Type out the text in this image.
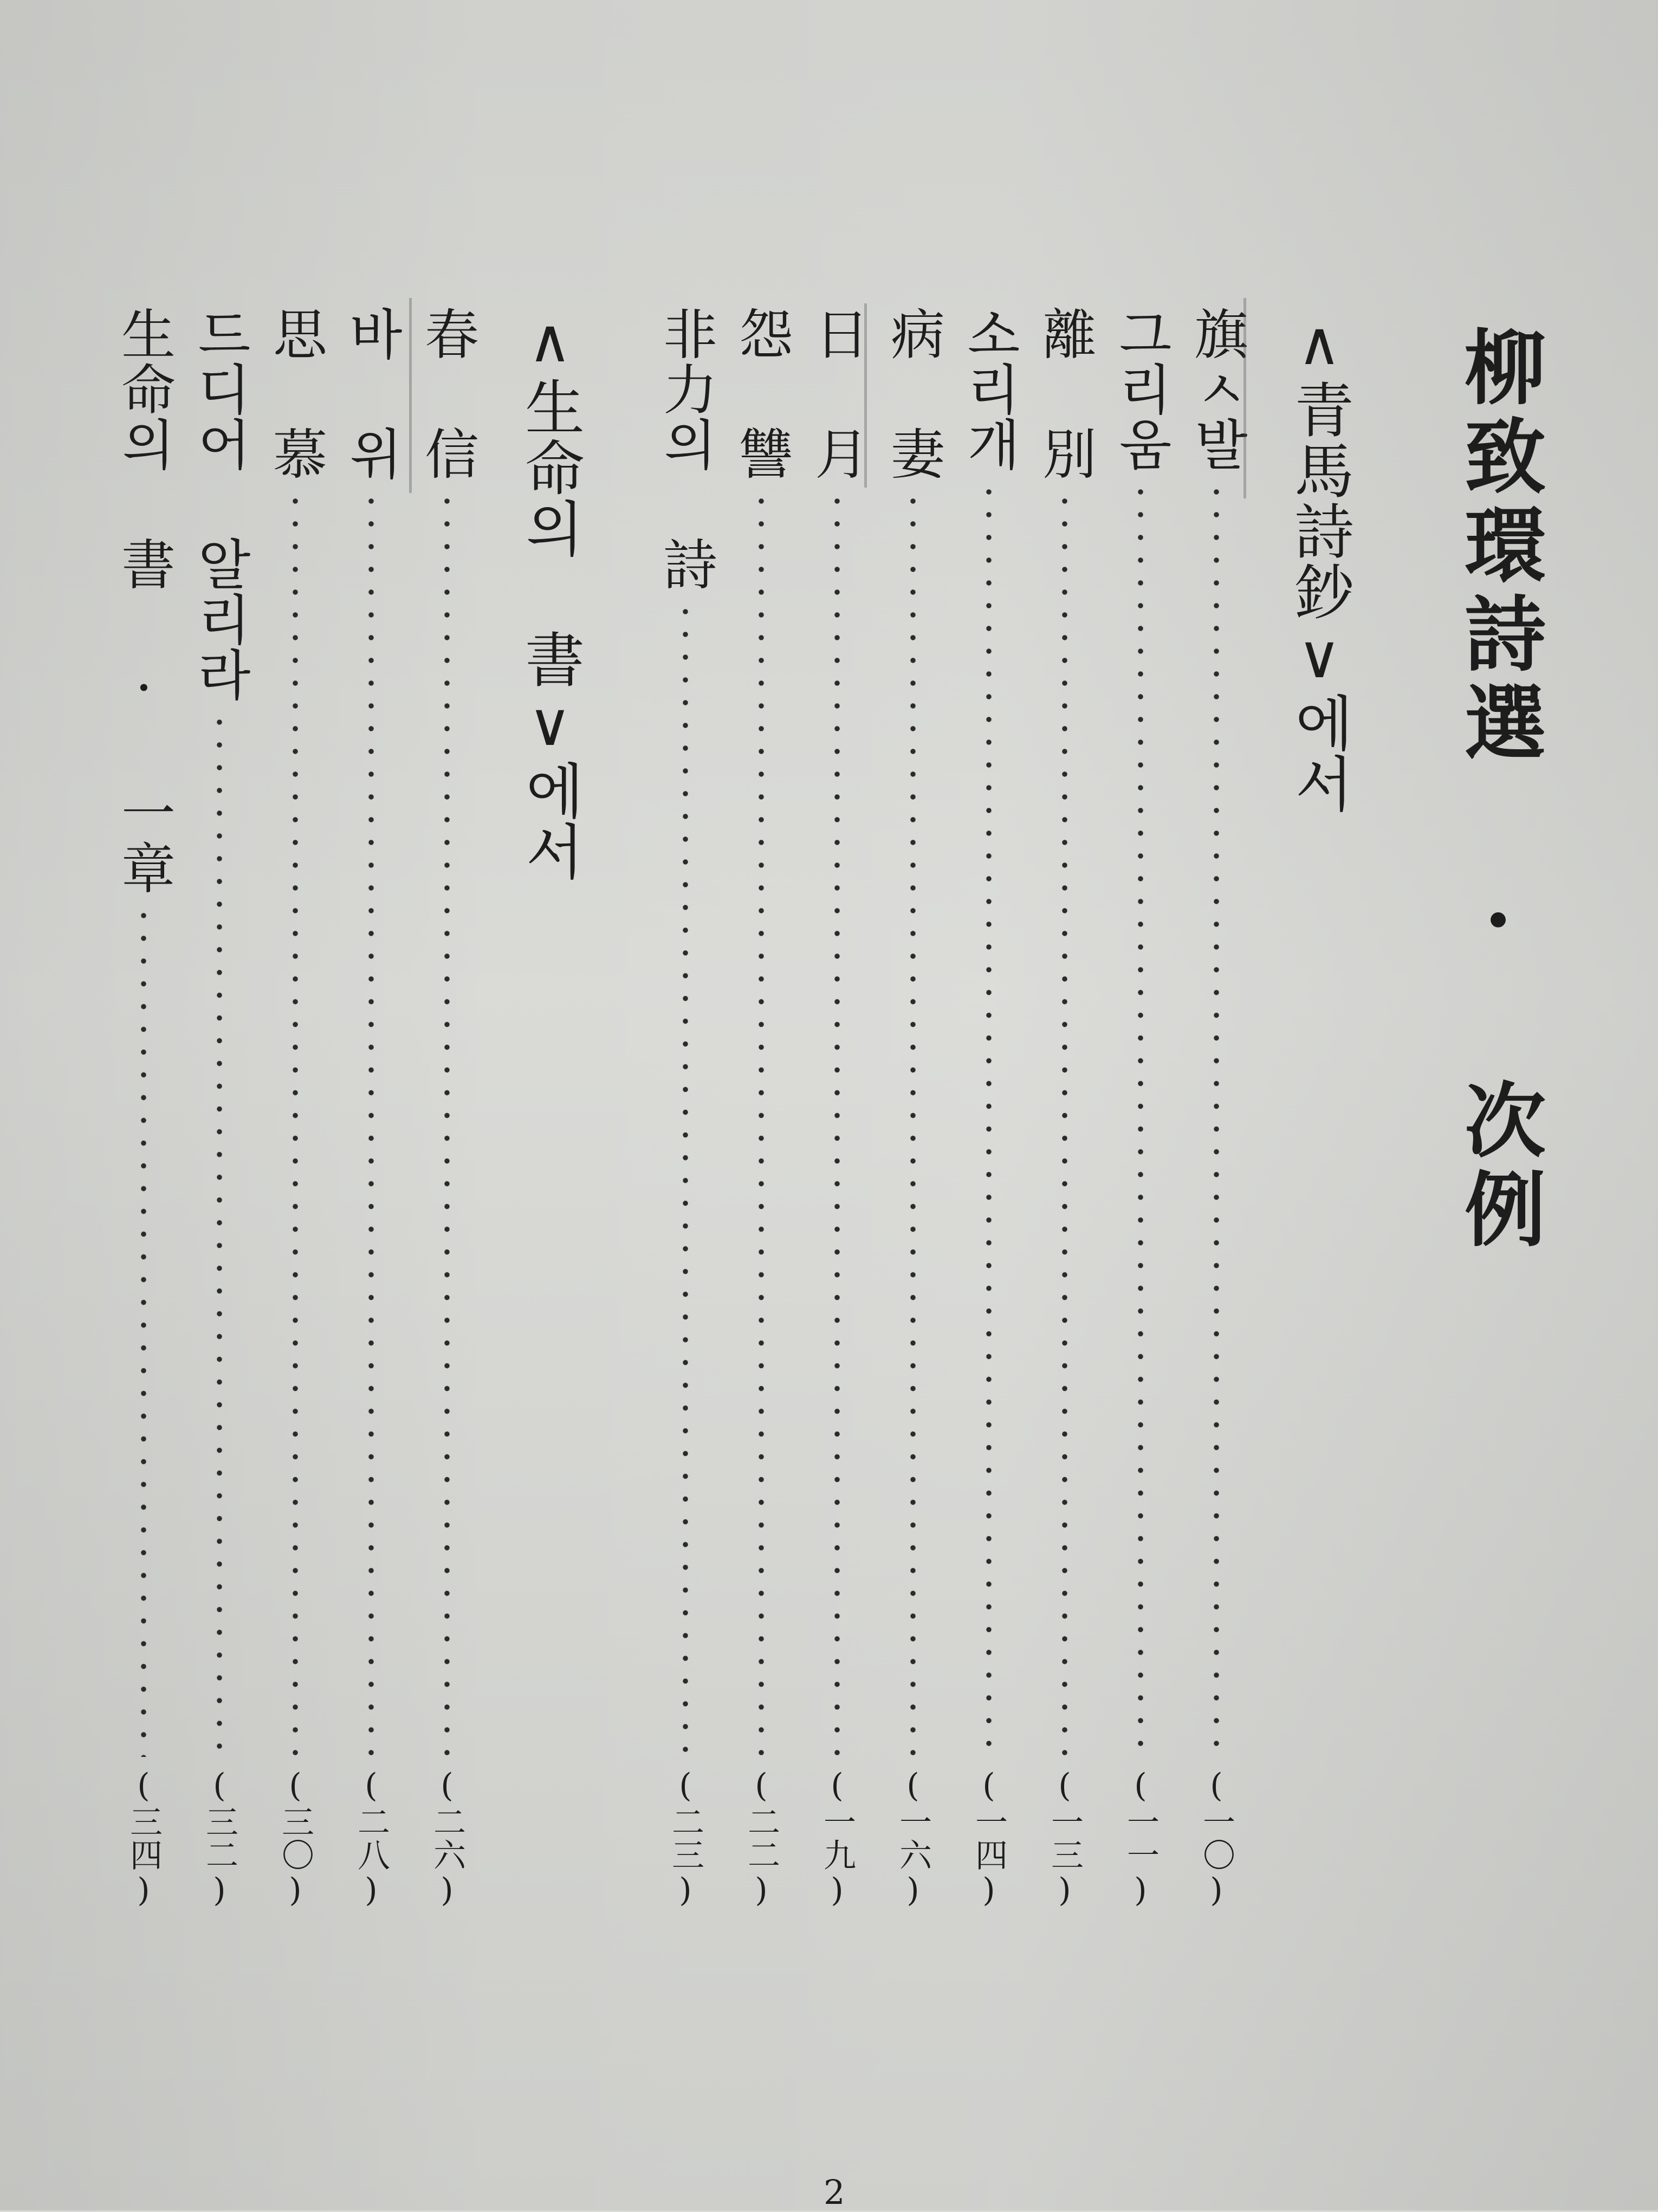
柳致環詩選 · 次例
∧青馬詩鈔∨에서
∧生命의 書∨에서	旗ㅅ발
(一〇)
그리움
(一一)
離 別
(一三)
소리개
(一四)
病 妻
(一六)
日 月
(一九)
怨 讐
(二二)
非力의 詩
(二三)
春 信
(二六)
바 위
(二八)
思 慕
(三〇)
드디어 알리라
(三二)
生命의 書 · 一章
(三四)
2
